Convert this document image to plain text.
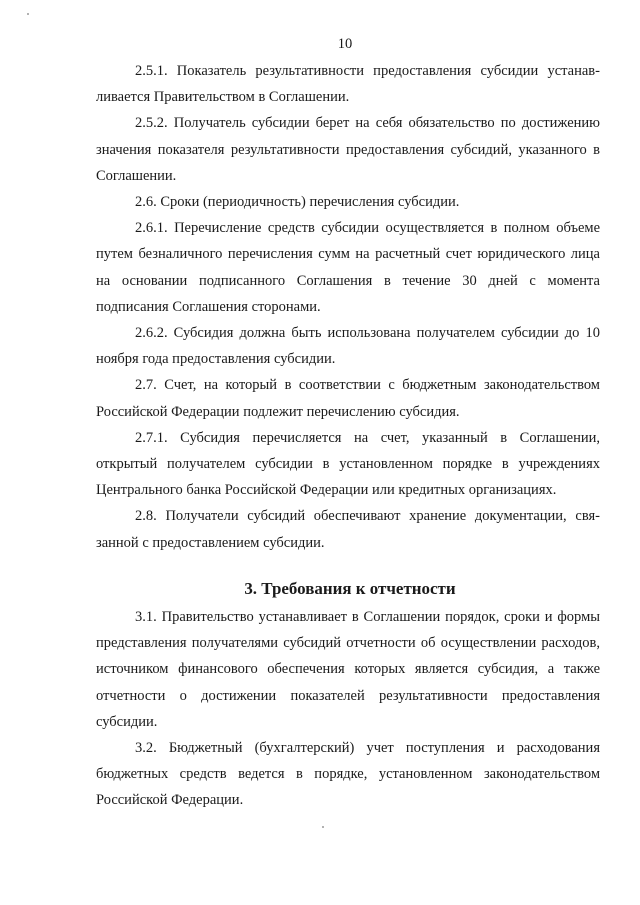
10

2.5.1. Показатель результативности предоставления субсидии устанавливается Правительством в Соглашении.

2.5.2. Получатель субсидии берет на себя обязательство по достижению значения показателя результативности предоставления субсидий, указанного в Соглашении.

2.6. Сроки (периодичность) перечисления субсидии.

2.6.1. Перечисление средств субсидии осуществляется в полном объеме путем безналичного перечисления сумм на расчетный счет юридического лица на основании подписанного Соглашения в течение 30 дней с момента подписания Соглашения сторонами.

2.6.2. Субсидия должна быть использована получателем субсидии до 10 ноября года предоставления субсидии.

2.7. Счет, на который в соответствии с бюджетным законодательством Российской Федерации подлежит перечислению субсидия.

2.7.1. Субсидия перечисляется на счет, указанный в Соглашении, открытый получателем субсидии в установленном порядке в учреждениях Центрального банка Российской Федерации или кредитных организациях.

2.8. Получатели субсидий обеспечивают хранение документации, связанной с предоставлением субсидии.

3. Требования к отчетности

3.1. Правительство устанавливает в Соглашении порядок, сроки и формы представления получателями субсидий отчетности об осуществлении расходов, источником финансового обеспечения которых является субсидия, а также отчетности о достижении показателей результативности предоставления субсидии.

3.2. Бюджетный (бухгалтерский) учет поступления и расходования бюджетных средств ведется в порядке, установленном законодательством Российской Федерации.
